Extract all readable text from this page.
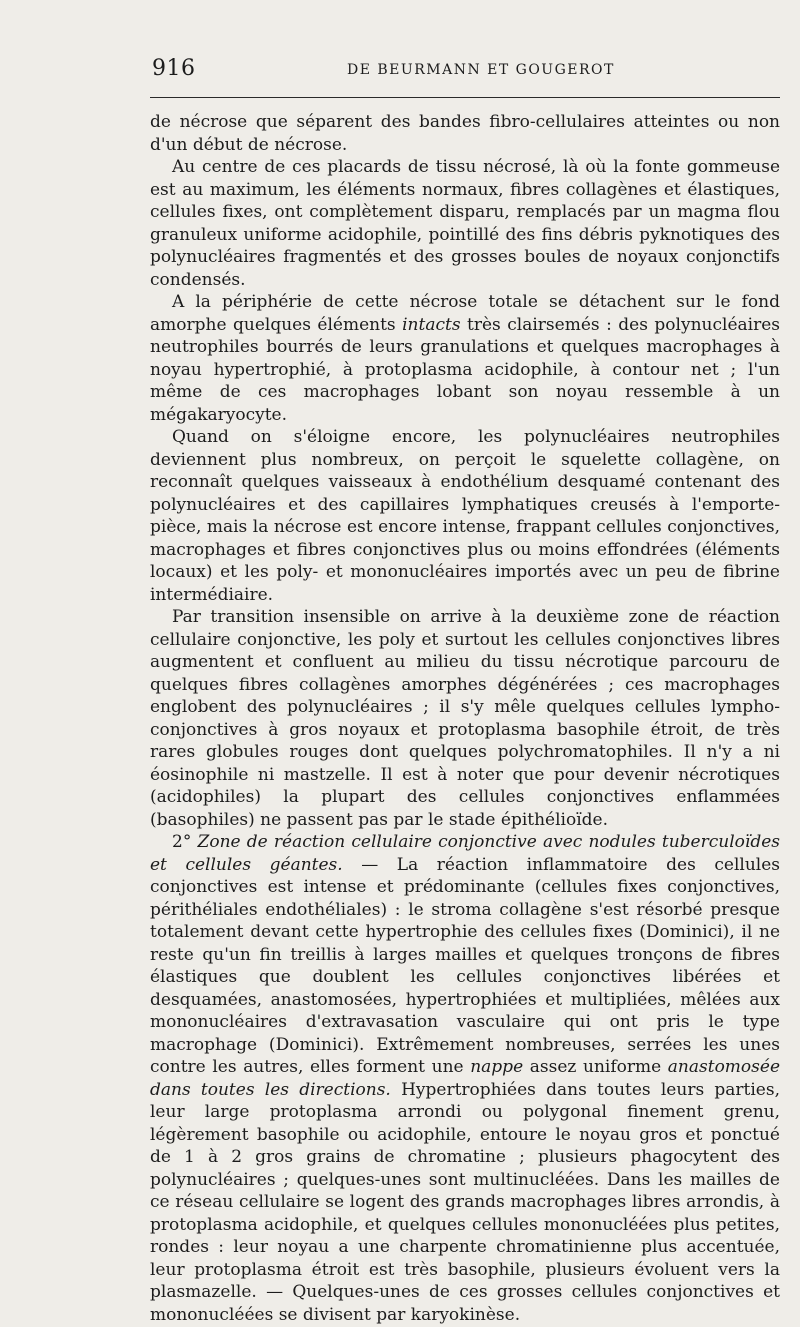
916	DE BEURMANN ET GOUGEROT

de nécrose que séparent des bandes fibro-cellulaires atteintes ou non d'un début de nécrose.

Au centre de ces placards de tissu nécrosé, là où la fonte gommeuse est au maximum, les éléments normaux, fibres collagènes et élastiques, cellules fixes, ont complètement disparu, remplacés par un magma flou granuleux uniforme acidophile, pointillé des fins débris pyknotiques des polynucléaires fragmentés et des grosses boules de noyaux conjonctifs condensés.

A la périphérie de cette nécrose totale se détachent sur le fond amorphe quelques éléments intacts très clairsemés : des polynucléaires neutrophiles bourrés de leurs granulations et quelques macrophages à noyau hypertrophié, à protoplasma acidophile, à contour net ; l'un même de ces macrophages lobant son noyau ressemble à un mégakaryocyte.

Quand on s'éloigne encore, les polynucléaires neutrophiles deviennent plus nombreux, on perçoit le squelette collagène, on reconnaît quelques vaisseaux à endothélium desquamé contenant des polynucléaires et des capillaires lymphatiques creusés à l'emporte-pièce, mais la nécrose est encore intense, frappant cellules conjonctives, macrophages et fibres conjonctives plus ou moins effondrées (éléments locaux) et les poly- et mononucléaires importés avec un peu de fibrine intermédiaire.

Par transition insensible on arrive à la deuxième zone de réaction cellulaire conjonctive, les poly et surtout les cellules conjonctives libres augmentent et confluent au milieu du tissu nécrotique parcouru de quelques fibres collagènes amorphes dégénérées ; ces macrophages englobent des polynucléaires ; il s'y mêle quelques cellules lympho-conjonctives à gros noyaux et protoplasma basophile étroit, de très rares globules rouges dont quelques polychromatophiles. Il n'y a ni éosinophile ni mastzelle. Il est à noter que pour devenir nécrotiques (acidophiles) la plupart des cellules conjonctives enflammées (basophiles) ne passent pas par le stade épithélioïde.

2° Zone de réaction cellulaire conjonctive avec nodules tuberculoïdes et cellules géantes. — La réaction inflammatoire des cellules conjonctives est intense et prédominante (cellules fixes conjonctives, périthéliales endothéliales) : le stroma collagène s'est résorbé presque totalement devant cette hypertrophie des cellules fixes (Dominici), il ne reste qu'un fin treillis à larges mailles et quelques tronçons de fibres élastiques que doublent les cellules conjonctives libérées et desquamées, anastomosées, hypertrophiées et multipliées, mêlées aux mononucléaires d'extravasation vasculaire qui ont pris le type macrophage (Dominici). Extrêmement nombreuses, serrées les unes contre les autres, elles forment une nappe assez uniforme anastomosée dans toutes les directions. Hypertrophiées dans toutes leurs parties, leur large protoplasma arrondi ou polygonal finement grenu, légèrement basophile ou acidophile, entoure le noyau gros et ponctué de 1 à 2 gros grains de chromatine ; plusieurs phagocytent des polynucléaires ; quelques-unes sont multinucléées. Dans les mailles de ce réseau cellulaire se logent des grands macrophages libres arrondis, à protoplasma acidophile, et quelques cellules mononucléées plus petites, rondes : leur noyau a une charpente chromatinienne plus accentuée, leur protoplasma étroit est très basophile, plusieurs évoluent vers la plasmazelle. — Quelques-unes de ces grosses cellules conjonctives et mononucléées se divisent par karyokinèse.
